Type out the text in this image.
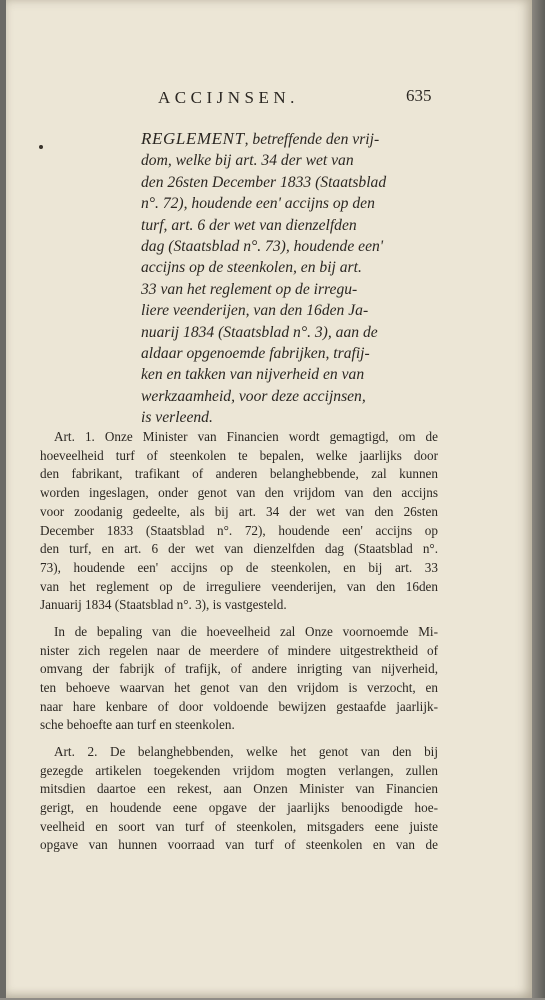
ACCIJNSEN.	635
REGLEMENT, betreffende den vrij-
dom, welke bij art. 34 der wet van
den 26sten December 1833 (Staatsblad
n°. 72), houdende een' accijns op den
turf, art. 6 der wet van dienzelfden
dag (Staatsblad n°. 73), houdende een'
accijns op de steenkolen, en bij art.
33 van het reglement op de irregu-
liere veenderijen, van den 16den Ja-
nuarij 1834 (Staatsblad n°. 3), aan de
aldaar opgenoemde fabrijken, trafij-
ken en takken van nijverheid en van
werkzaamheid, voor deze accijnsen,
is verleend.
Art. 1. Onze Minister van Financien wordt gemagtigd, om de
hoeveelheid turf of steenkolen te bepalen, welke jaarlijks door
den fabrikant, trafikant of anderen belanghebbende, zal kunnen
worden ingeslagen, onder genot van den vrijdom van den accijns
voor zoodanig gedeelte, als bij art. 34 der wet van den 26sten
December 1833 (Staatsblad n°. 72), houdende een' accijns op
den turf, en art. 6 der wet van dienzelfden dag (Staatsblad n°.
73), houdende een' accijns op de steenkolen, en bij art. 33
van het reglement op de irreguliere veenderijen, van den 16den
Januarij 1834 (Staatsblad n°. 3), is vastgesteld.
In de bepaling van die hoeveelheid zal Onze voornoemde Mi-
nister zich regelen naar de meerdere of mindere uitgestrektheid of
omvang der fabrijk of trafijk, of andere inrigting van nijverheid,
ten behoeve waarvan het genot van den vrijdom is verzocht, en
naar hare kenbare of door voldoende bewijzen gestaafde jaarlijk-
sche behoefte aan turf en steenkolen.
Art. 2. De belanghebbenden, welke het genot van den bij
gezegde artikelen toegekenden vrijdom mogten verlangen, zullen
mitsdien daartoe een rekest, aan Onzen Minister van Financien
gerigt, en houdende eene opgave der jaarlijks benoodigde hoe-
veelheid en soort van turf of steenkolen, mitsgaders eene juiste
opgave van hunnen voorraad van turf of steenkolen en van de
